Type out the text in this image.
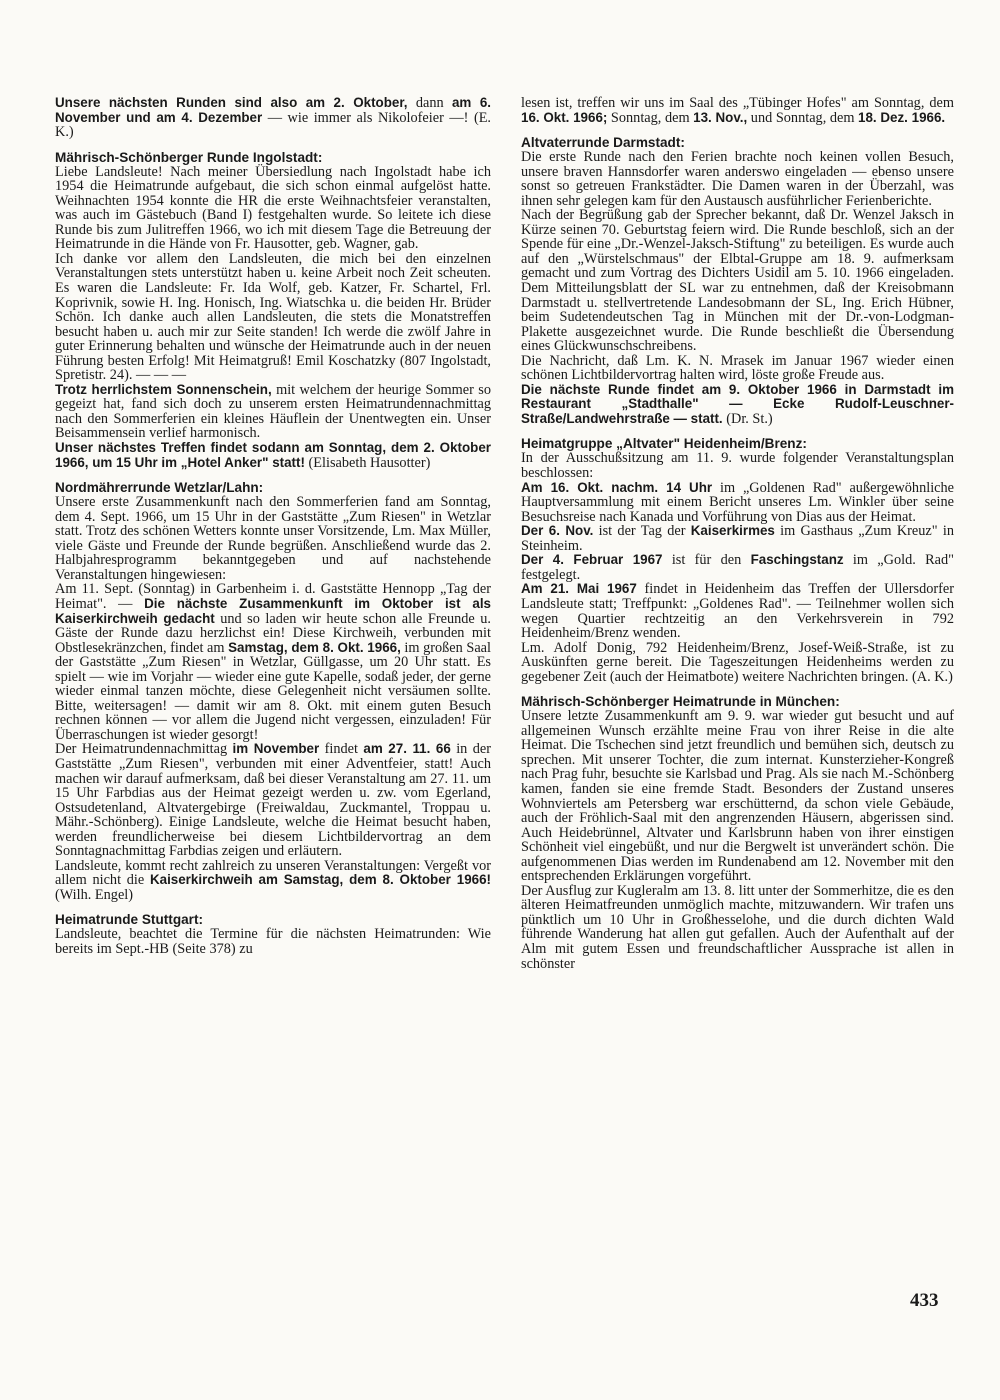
Unsere nächsten Runden sind also am 2. Oktober, dann am 6. November und am 4. Dezember — wie immer als Nikolofeier —! (E. K.)

Mährisch-Schönberger Runde Ingolstadt:

Liebe Landsleute! Nach meiner Übersiedlung nach Ingolstadt habe ich 1954 die Heimatrunde aufgebaut, die sich schon einmal aufgelöst hatte. Weihnachten 1954 konnte die HR die erste Weihnachtsfeier veranstalten, was auch im Gästebuch (Band I) festgehalten wurde. So leitete ich diese Runde bis zum Julitreffen 1966, wo ich mit diesem Tage die Betreuung der Heimatrunde in die Hände von Fr. Hausotter, geb. Wagner, gab.

Ich danke vor allem den Landsleuten, die mich bei den einzelnen Veranstaltungen stets unterstützt haben u. keine Arbeit noch Zeit scheuten. Es waren die Landsleute: Fr. Ida Wolf, geb. Katzer, Fr. Schartel, Frl. Koprivnik, sowie H. Ing. Honisch, Ing. Wiatschka u. die beiden Hr. Brüder Schön. Ich danke auch allen Landsleuten, die stets die Monatstreffen besucht haben u. auch mir zur Seite standen! Ich werde die zwölf Jahre in guter Erinnerung behalten und wünsche der Heimatrunde auch in der neuen Führung besten Erfolg! Mit Heimatgruß! Emil Koschatzky (807 Ingolstadt, Spretistr. 24). — — —

Trotz herrlichstem Sonnenschein, mit welchem der heurige Sommer so gegeizt hat, fand sich doch zu unserem ersten Heimatrundennachmittag nach den Sommerferien ein kleines Häuflein der Unentwegten ein. Unser Beisammensein verlief harmonisch.

Unser nächstes Treffen findet sodann am Sonntag, dem 2. Oktober 1966, um 15 Uhr im „Hotel Anker" statt! (Elisabeth Hausotter)

Nordmährerrunde Wetzlar/Lahn:

Unsere erste Zusammenkunft nach den Sommerferien fand am Sonntag, dem 4. Sept. 1966, um 15 Uhr in der Gaststätte „Zum Riesen" in Wetzlar statt. Trotz des schönen Wetters konnte unser Vorsitzende, Lm. Max Müller, viele Gäste und Freunde der Runde begrüßen. Anschließend wurde das 2. Halbjahresprogramm bekanntgegeben und auf nachstehende Veranstaltungen hingewiesen:

Am 11. Sept. (Sonntag) in Garbenheim i. d. Gaststätte Hennopp „Tag der Heimat". — Die nächste Zusammenkunft im Oktober ist als Kaiserkirchweih gedacht und so laden wir heute schon alle Freunde u. Gäste der Runde dazu herzlichst ein! Diese Kirchweih, verbunden mit Obstlesekränzchen, findet am Samstag, dem 8. Okt. 1966, im großen Saal der Gaststätte „Zum Riesen" in Wetzlar, Güllgasse, um 20 Uhr statt. Es spielt — wie im Vorjahr — wieder eine gute Kapelle, sodaß jeder, der gerne wieder einmal tanzen möchte, diese Gelegenheit nicht versäumen sollte. Bitte, weitersagen! — damit wir am 8. Okt. mit einem guten Besuch rechnen können — vor allem die Jugend nicht vergessen, einzuladen! Für Überraschungen ist wieder gesorgt!

Der Heimatrundennachmittag im November findet am 27. 11. 66 in der Gaststätte „Zum Riesen", verbunden mit einer Adventfeier, statt! Auch machen wir darauf aufmerksam, daß bei dieser Veranstaltung am 27. 11. um 15 Uhr Farbdias aus der Heimat gezeigt werden u. zw. vom Egerland, Ostsudetenland, Altvatergebirge (Freiwaldau, Zuckmantel, Troppau u. Mähr.-Schönberg). Einige Landsleute, welche die Heimat besucht haben, werden freundlicherweise bei diesem Lichtbildervortrag an dem Sonntagnachmittag Farbdias zeigen und erläutern.

Landsleute, kommt recht zahlreich zu unseren Veranstaltungen: Vergeßt vor allem nicht die Kaiserkirchweih am Samstag, dem 8. Oktober 1966! (Wilh. Engel)

Heimatrunde Stuttgart:

Landsleute, beachtet die Termine für die nächsten Heimatrunden: Wie bereits im Sept.-HB (Seite 378) zu

lesen ist, treffen wir uns im Saal des „Tübinger Hofes" am Sonntag, dem 16. Okt. 1966; Sonntag, dem 13. Nov., und Sonntag, dem 18. Dez. 1966.

Altvaterrunde Darmstadt:

Die erste Runde nach den Ferien brachte noch keinen vollen Besuch, unsere braven Hannsdorfer waren anderswo eingeladen — ebenso unsere sonst so getreuen Frankstädter. Die Damen waren in der Überzahl, was ihnen sehr gelegen kam für den Austausch ausführlicher Ferienberichte.

Nach der Begrüßung gab der Sprecher bekannt, daß Dr. Wenzel Jaksch in Kürze seinen 70. Geburtstag feiern wird. Die Runde beschloß, sich an der Spende für eine „Dr.-Wenzel-Jaksch-Stiftung" zu beteiligen. Es wurde auch auf den „Würstelschmaus" der Elbtal-Gruppe am 18. 9. aufmerksam gemacht und zum Vortrag des Dichters Usidil am 5. 10. 1966 eingeladen. Dem Mitteilungsblatt der SL war zu entnehmen, daß der Kreisobmann Darmstadt u. stellvertretende Landesobmann der SL, Ing. Erich Hübner, beim Sudetendeutschen Tag in München mit der Dr.-von-Lodgman-Plakette ausgezeichnet wurde. Die Runde beschließt die Übersendung eines Glückwunschschreibens.

Die Nachricht, daß Lm. K. N. Mrasek im Januar 1967 wieder einen schönen Lichtbildervortrag halten wird, löste große Freude aus.

Die nächste Runde findet am 9. Oktober 1966 in Darmstadt im Restaurant „Stadthalle" — Ecke Rudolf-Leuschner-Straße/Landwehrstraße — statt. (Dr. St.)

Heimatgruppe „Altvater" Heidenheim/Brenz:

In der Ausschußsitzung am 11. 9. wurde folgender Veranstaltungsplan beschlossen:

Am 16. Okt. nachm. 14 Uhr im „Goldenen Rad" außergewöhnliche Hauptversammlung mit einem Bericht unseres Lm. Winkler über seine Besuchsreise nach Kanada und Vorführung von Dias aus der Heimat.

Der 6. Nov. ist der Tag der Kaiserkirmes im Gasthaus „Zum Kreuz" in Steinheim.

Der 4. Februar 1967 ist für den Faschingstanz im „Gold. Rad" festgelegt.

Am 21. Mai 1967 findet in Heidenheim das Treffen der Ullersdorfer Landsleute statt; Treffpunkt: „Goldenes Rad". — Teilnehmer wollen sich wegen Quartier rechtzeitig an den Verkehrsverein in 792 Heidenheim/Brenz wenden.

Lm. Adolf Donig, 792 Heidenheim/Brenz, Josef-Weiß-Straße, ist zu Auskünften gerne bereit. Die Tageszeitungen Heidenheims werden zu gegebener Zeit (auch der Heimatbote) weitere Nachrichten bringen. (A. K.)

Mährisch-Schönberger Heimatrunde in München:

Unsere letzte Zusammenkunft am 9. 9. war wieder gut besucht und auf allgemeinen Wunsch erzählte meine Frau von ihrer Reise in die alte Heimat. Die Tschechen sind jetzt freundlich und bemühen sich, deutsch zu sprechen. Mit unserer Tochter, die zum internat. Kunsterzieher-Kongreß nach Prag fuhr, besuchte sie Karlsbad und Prag. Als sie nach M.-Schönberg kamen, fanden sie eine fremde Stadt. Besonders der Zustand unseres Wohnviertels am Petersberg war erschütternd, da schon viele Gebäude, auch der Fröhlich-Saal mit den angrenzenden Häusern, abgerissen sind. Auch Heidebrünnel, Altvater und Karlsbrunn haben von ihrer einstigen Schönheit viel eingebüßt, und nur die Bergwelt ist unverändert schön. Die aufgenommenen Dias werden im Rundenabend am 12. November mit den entsprechenden Erklärungen vorgeführt.

Der Ausflug zur Kugleralm am 13. 8. litt unter der Sommerhitze, die es den älteren Heimatfreunden unmöglich machte, mitzuwandern. Wir trafen uns pünktlich um 10 Uhr in Großhesselohe, und die durch dichten Wald führende Wanderung hat allen gut gefallen. Auch der Aufenthalt auf der Alm mit gutem Essen und freundschaftlicher Aussprache ist allen in schönster

433
